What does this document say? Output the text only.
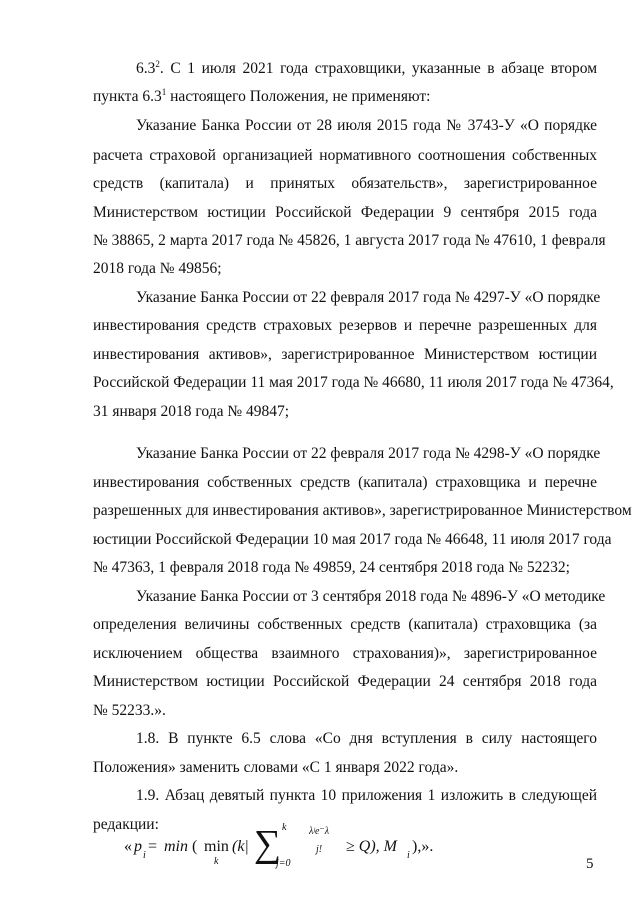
$6.3^2$. С 1 июля 2021 года страховщики, указанные в абзаце втором
пункта $6.3^1$ настоящего Положения, не применяют:
Указание Банка России от 28 июля 2015 года № 3743-У «О порядке
расчета страховой организацией нормативного соотношения собственных
средств (капитала) и принятых обязательств», зарегистрированное
Министерством юстиции Российской Федерации 9 сентября 2015 года
№ 38865, 2 марта 2017 года № 45826, 1 августа 2017 года № 47610, 1 февраля
2018 года № 49856;
Указание Банка России от 22 февраля 2017 года № 4297-У «О порядке
инвестирования средств страховых резервов и перечне разрешенных для
инвестирования активов», зарегистрированное Министерством юстиции
Российской Федерации 11 мая 2017 года № 46680, 11 июля 2017 года № 47364,
31 января 2018 года № 49847;
Указание Банка России от 22 февраля 2017 года № 4298-У «О порядке
инвестирования собственных средств (капитала) страховщика и перечне
разрешенных для инвестирования активов», зарегистрированное Министерством
юстиции Российской Федерации 10 мая 2017 года № 46648, 11 июля 2017 года
№ 47363, 1 февраля 2018 года № 49859, 24 сентября 2018 года № 52232;
Указание Банка России от 3 сентября 2018 года № 4896-У «О методике
определения величины собственных средств (капитала) страховщика (за
исключением общества взаимного страхования)», зарегистрированное
Министерством юстиции Российской Федерации 24 сентября 2018 года
№ 52233.».
1.8. В пункте 6.5 слова «Со дня вступления в силу настоящего
Положения» заменить словами «С 1 января 2022 года».
1.9. Абзац девятый пункта 10 приложения 1 изложить в следующей
редакции:
« p
i
= min ( min
k
(k| ∑ k
j=0
λʲe⁻λ
j! ≥ Q), M
i
),».
5
